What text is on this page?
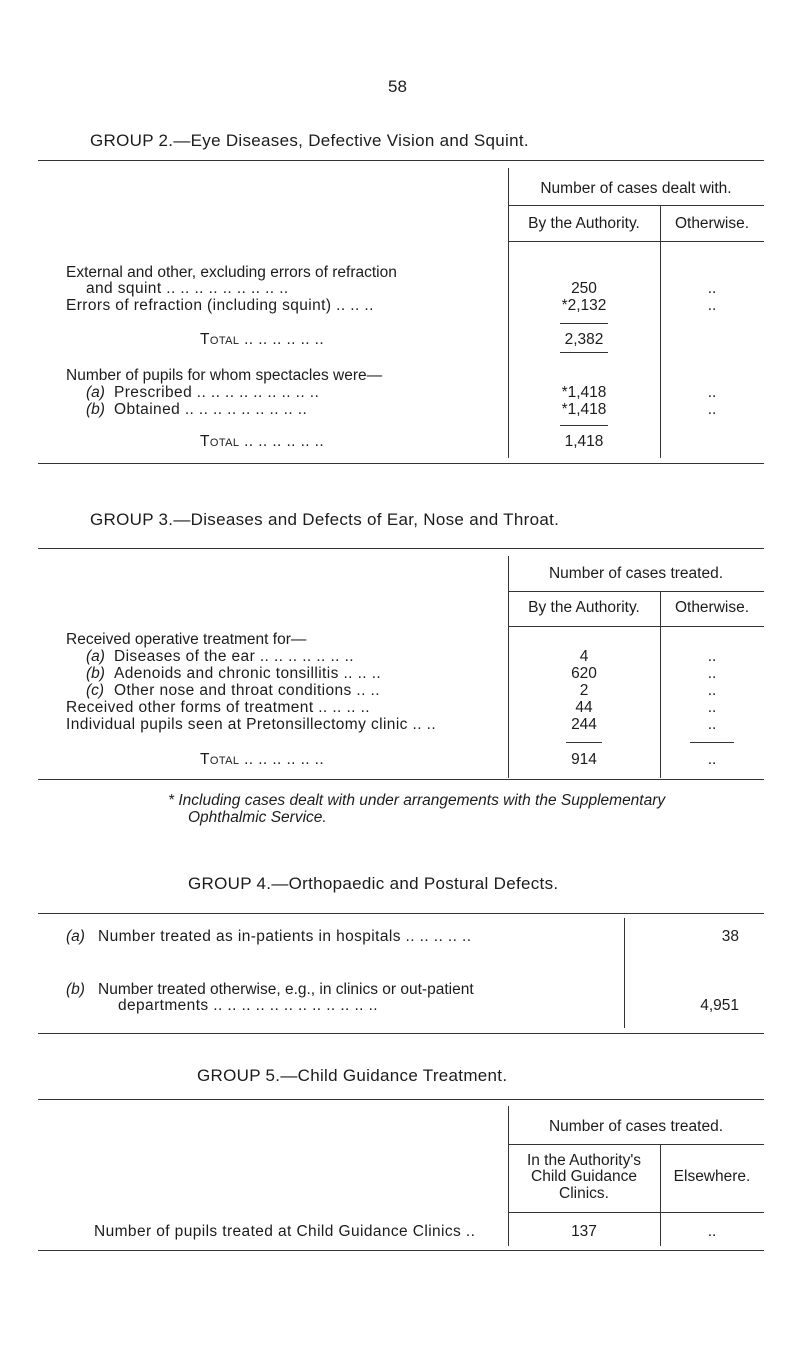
58
GROUP 2.—Eye Diseases, Defective Vision and Squint.
Number of cases dealt with.
By the Authority.	Otherwise.
External and other, excluding errors of refraction
and squint .. .. .. .. .. .. .. .. ..	250	..
Errors of refraction (including squint) .. .. ..	*2,132	..
Total .. .. .. .. .. ..	2,382
Number of pupils for whom spectacles were—
(a) Prescribed .. .. .. .. .. .. .. .. ..	*1,418	..
(b) Obtained .. .. .. .. .. .. .. .. ..	*1,418	..
Total .. .. .. .. .. ..	1,418
GROUP 3.—Diseases and Defects of Ear, Nose and Throat.
Number of cases treated.
By the Authority.	Otherwise.
Received operative treatment for—
(a) Diseases of the ear .. .. .. .. .. .. ..	4	..
(b) Adenoids and chronic tonsillitis .. .. ..	620	..
(c) Other nose and throat conditions .. ..	2	..
Received other forms of treatment .. .. .. ..	44	..
Individual pupils seen at Pretonsillectomy clinic .. ..	244	..
Total .. .. .. .. .. ..	914	..
* Including cases dealt with under arrangements with the Supplementary
Ophthalmic Service.
GROUP 4.—Orthopaedic and Postural Defects.
(a) Number treated as in-patients in hospitals .. .. .. .. ..	38
(b) Number treated otherwise, e.g., in clinics or out-patient
departments .. .. .. .. .. .. .. .. .. .. .. ..	4,951
GROUP 5.—Child Guidance Treatment.
Number of cases treated.
In the Authority's
Child Guidance
Clinics.
Elsewhere.
Number of pupils treated at Child Guidance Clinics ..	137	..
